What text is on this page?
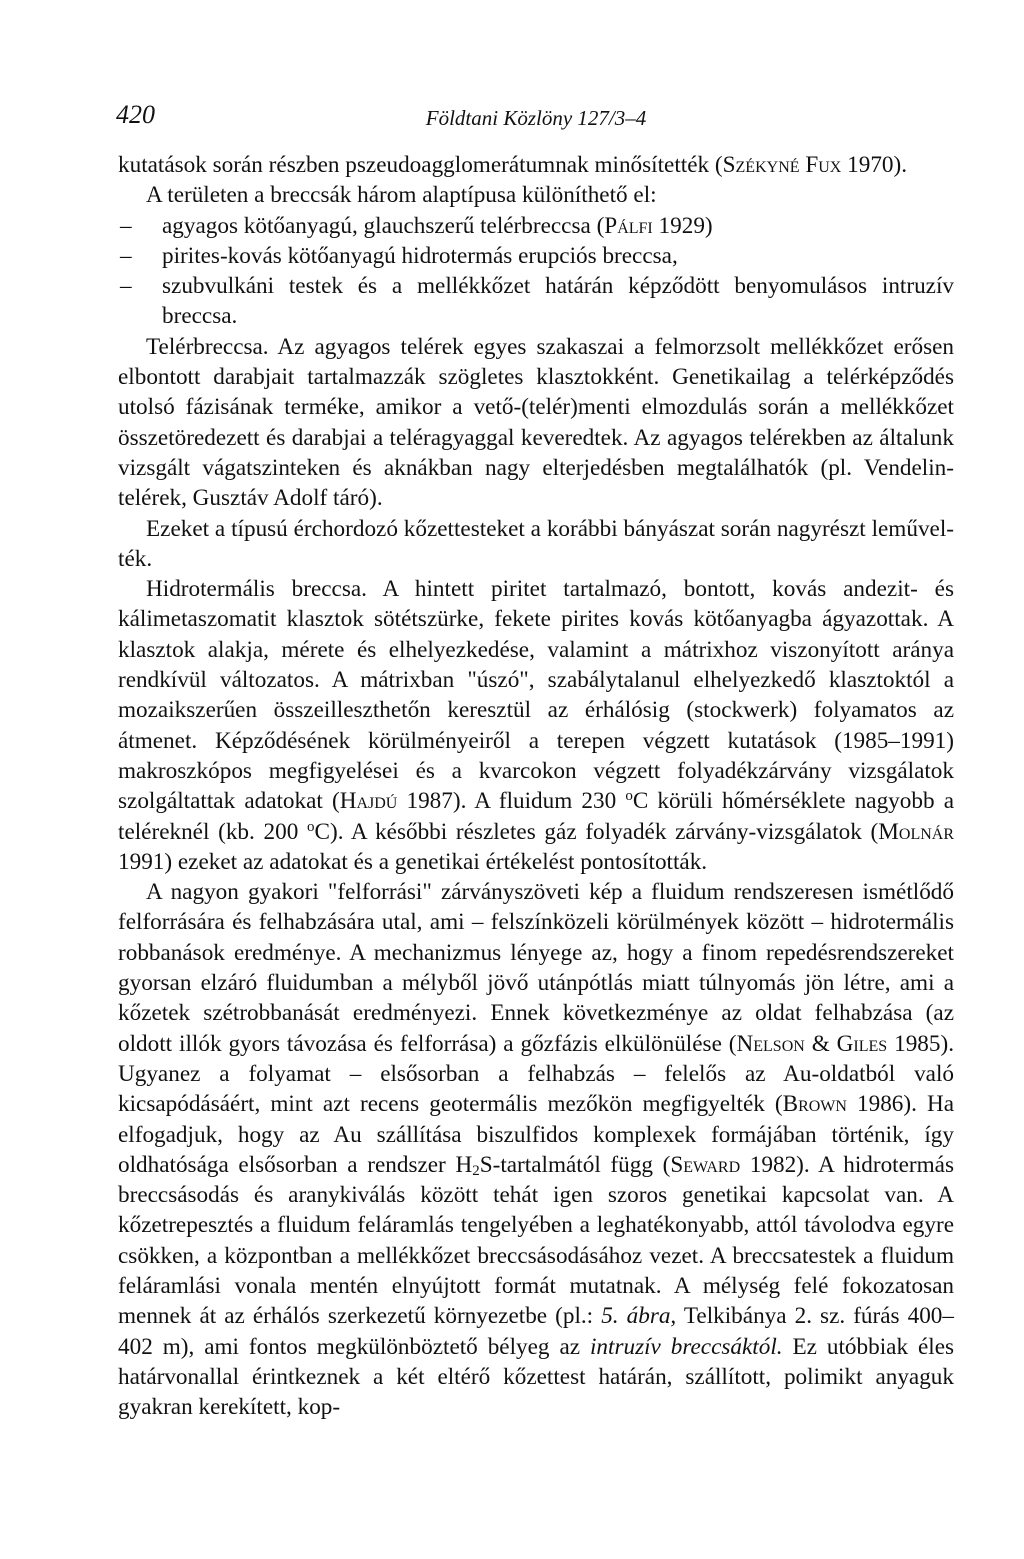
420	Földtani Közlöny 127/3–4

kutatások során részben pszeudoagglomerátumnak minősítették (Székyné Fux 1970).

A területen a breccsák három alaptípusa különíthető el:

– agyagos kötőanyagú, glauchszerű telérbreccsa (Pálfi 1929)
– pirites-kovás kötőanyagú hidrotermás erupciós breccsa,
– szubvulkáni testek és a mellékkőzet határán képződött benyomulásos intruzív breccsa.

Telérbreccsa. Az agyagos telérek egyes szakaszai a felmorzsolt mellékkőzet erősen elbontott darabjait tartalmazzák szögletes klasztokként. Genetikailag a telérképződés utolsó fázisának terméke, amikor a vető-(telér)menti elmozdulás során a mellékkőzet összetöredezett és darabjai a teléragyaggal keveredtek. Az agyagos telérekben az általunk vizsgált vágatszinteken és aknákban nagy elterjedésben megtalálhatók (pl. Vendelin-telérek, Gusztáv Adolf táró).

Ezeket a típusú érchordozó kőzettesteket a korábbi bányászat során nagyrészt leművelték.

Hidrotermális breccsa. A hintett piritet tartalmazó, bontott, kovás andezit- és kálimetaszomatit klasztok sötétszürke, fekete pirites kovás kötőanyagba ágyazottak. A klasztok alakja, mérete és elhelyezkedése, valamint a mátrixhoz viszonyított aránya rendkívül változatos. A mátrixban "úszó", szabálytalanul elhelyezkedő klasztoktól a mozaikszerűen összeilleszthetőn keresztül az érhálósig (stockwerk) folyamatos az átmenet. Képződésének körülményeiről a terepen végzett kutatások (1985–1991) makroszkópos megfigyelései és a kvarcokon végzett folyadékzárvány vizsgálatok szolgáltattak adatokat (Hajdú 1987). A fluidum 230 $^o$C körüli hőmérséklete nagyobb a teléreknél (kb. 200 $^o$C). A későbbi részletes gáz folyadék zárvány-vizsgálatok (Molnár 1991) ezeket az adatokat és a genetikai értékelést pontosították.

A nagyon gyakori "felforrási" zárványszöveti kép a fluidum rendszeresen ismétlődő felforrására és felhabzására utal, ami – felszínközeli körülmények között – hidrotermális robbanások eredménye. A mechanizmus lényege az, hogy a finom repedésrendszereket gyorsan elzáró fluidumban a mélyből jövő utánpótlás miatt túlnyomás jön létre, ami a kőzetek szétrobbanását eredményezi. Ennek következménye az oldat felhabzása (az oldott illók gyors távozása és felforrása) a gőzfázis elkülönülése (Nelson & Giles 1985). Ugyanez a folyamat – elsősorban a felhabzás – felelős az Au-oldatból való kicsapódásáért, mint azt recens geotermális mezőkön megfigyelték (Brown 1986). Ha elfogadjuk, hogy az Au szállítása biszulfidos komplexek formájában történik, így oldhatósága elsősorban a rendszer $H_2S$-tartalmától függ (Seward 1982). A hidrotermás breccsásodás és aranykiválás között tehát igen szoros genetikai kapcsolat van. A kőzetrepesztés a fluidum feláramlás tengelyében a leghatékonyabb, attól távolodva egyre csökken, a központban a mellékkőzet breccsásodásához vezet. A breccsatestek a fluidum feláramlási vonala mentén elnyújtott formát mutatnak. A mélység felé fokozatosan mennek át az érhálós szerkezetű környezetbe (pl.: 5. ábra, Telkibánya 2. sz. fúrás 400–402 m), ami fontos megkülönböztető bélyeg az intruzív breccsáktól. Ez utóbbiak éles határvonallal érintkeznek a két eltérő kőzettest határán, szállított, polimikt anyaguk gyakran kerekített, kop-
